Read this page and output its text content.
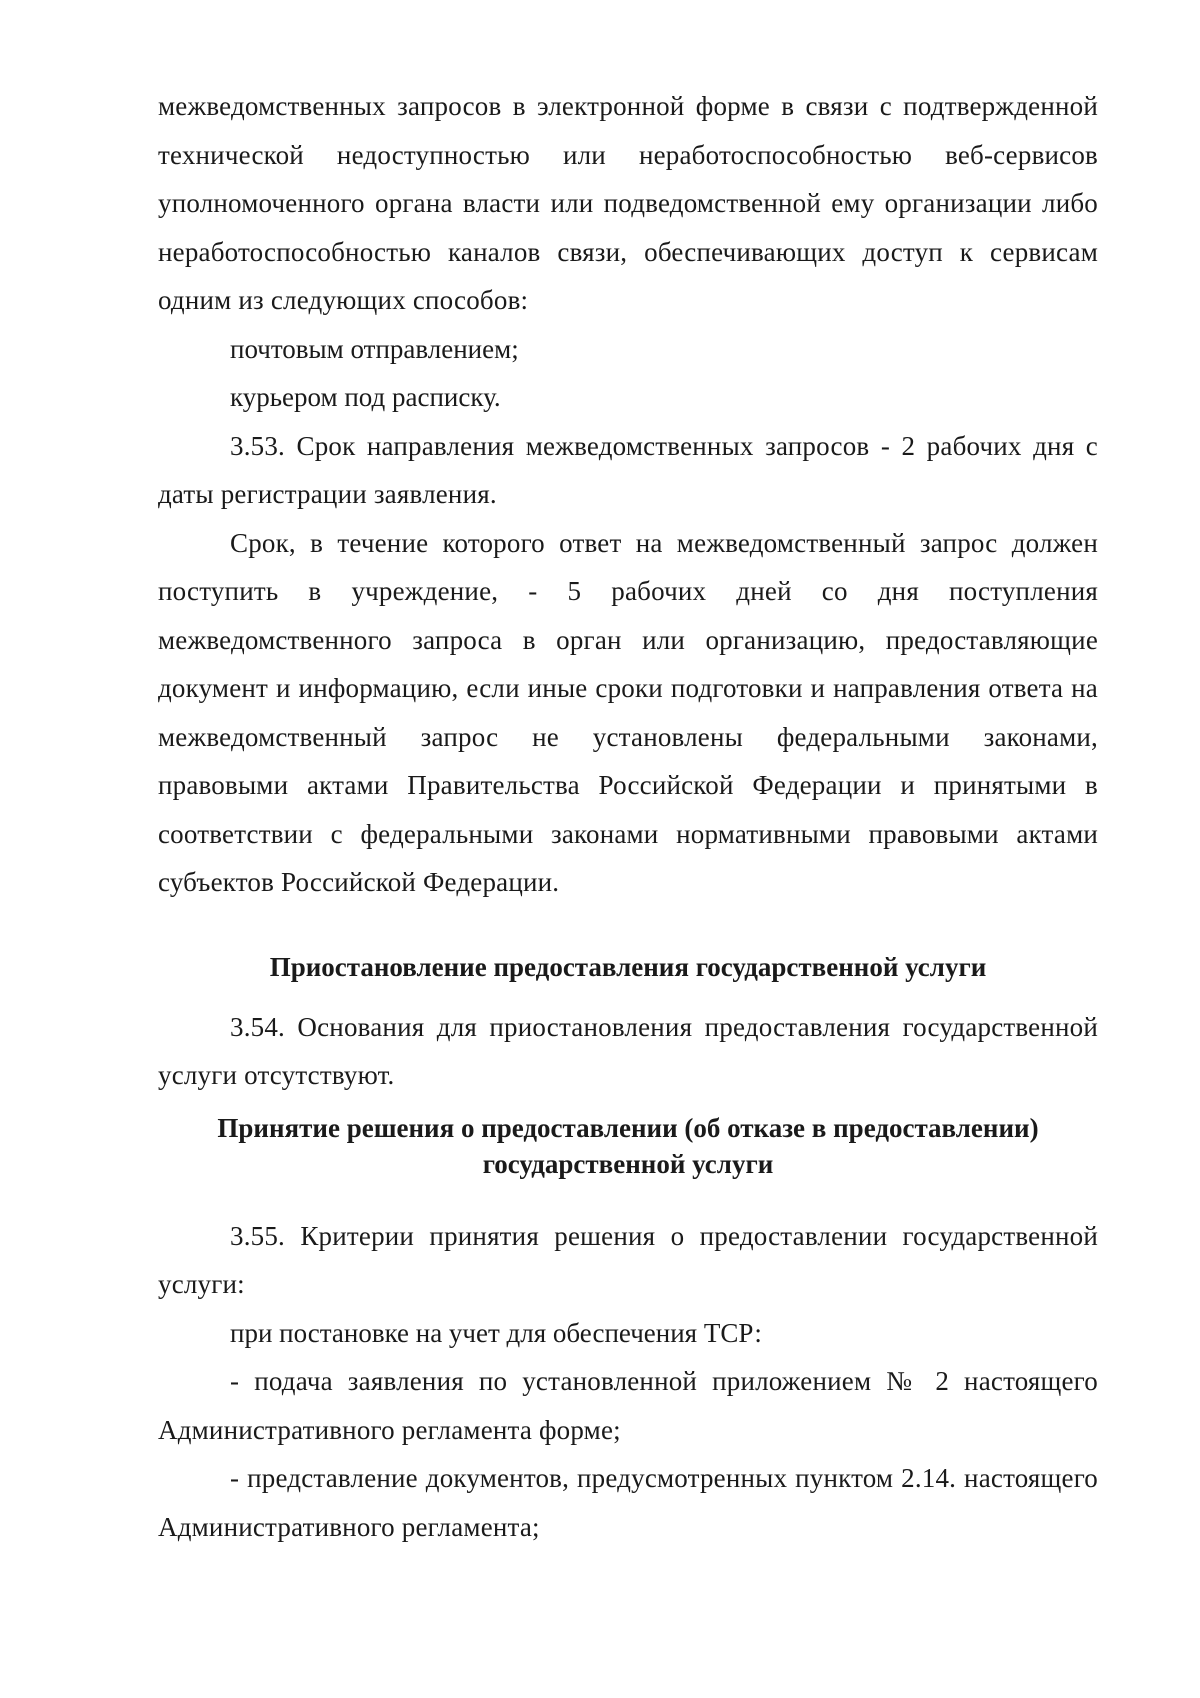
межведомственных запросов в электронной форме в связи с подтвержденной технической недоступностью или неработоспособностью веб-сервисов уполномоченного органа власти или подведомственной ему организации либо неработоспособностью каналов связи, обеспечивающих доступ к сервисам одним из следующих способов:

почтовым отправлением;

курьером под расписку.

3.53. Срок направления межведомственных запросов - 2 рабочих дня с даты регистрации заявления.

Срок, в течение которого ответ на межведомственный запрос должен поступить в учреждение, - 5 рабочих дней со дня поступления межведомственного запроса в орган или организацию, предоставляющие документ и информацию, если иные сроки подготовки и направления ответа на межведомственный запрос не установлены федеральными законами, правовыми актами Правительства Российской Федерации и принятыми в соответствии с федеральными законами нормативными правовыми актами субъектов Российской Федерации.

Приостановление предоставления государственной услуги

3.54. Основания для приостановления предоставления государственной услуги отсутствуют.

Принятие решения о предоставлении (об отказе в предоставлении)

государственной услуги

3.55. Критерии принятия решения о предоставлении государственной услуги:

при постановке на учет для обеспечения ТСР:

- подача заявления по установленной приложением № 2 настоящего Административного регламента форме;

- представление документов, предусмотренных пунктом 2.14. настоящего Административного регламента;
